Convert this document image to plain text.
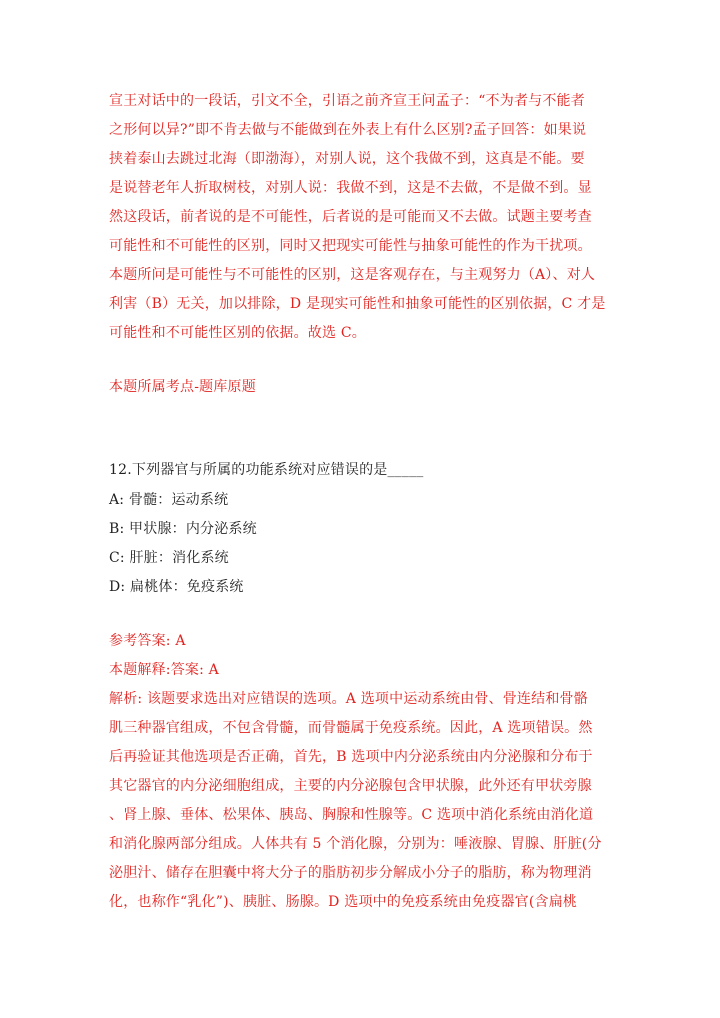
宣王对话中的一段话，引文不全，引语之前齐宣王问孟子：“不为者与不能者
之形何以异?”即不肯去做与不能做到在外表上有什么区别?孟子回答：如果说
挟着泰山去跳过北海（即渤海），对别人说，这个我做不到，这真是不能。要
是说替老年人折取树枝，对别人说：我做不到，这是不去做，不是做不到。显
然这段话，前者说的是不可能性，后者说的是可能而又不去做。试题主要考查
可能性和不可能性的区别，同时又把现实可能性与抽象可能性的作为干扰项。
本题所问是可能性与不可能性的区别，这是客观存在，与主观努力（A）、对人
利害（B）无关，加以排除，D 是现实可能性和抽象可能性的区别依据，C 才是
可能性和不可能性区别的依据。故选 C。
本题所属考点-题库原题
12.下列器官与所属的功能系统对应错误的是_____
A: 骨髓：运动系统
B: 甲状腺：内分泌系统
C: 肝脏：消化系统
D: 扁桃体：免疫系统
参考答案: A
本题解释:答案: A
解析: 该题要求选出对应错误的选项。A 选项中运动系统由骨、骨连结和骨骼
肌三种器官组成，不包含骨髓，而骨髓属于免疫系统。因此，A 选项错误。然
后再验证其他选项是否正确，首先，B 选项中内分泌系统由内分泌腺和分布于
其它器官的内分泌细胞组成，主要的内分泌腺包含甲状腺，此外还有甲状旁腺
、肾上腺、垂体、松果体、胰岛、胸腺和性腺等。C 选项中消化系统由消化道
和消化腺两部分组成。人体共有 5 个消化腺，分别为：唾液腺、胃腺、肝脏(分
泌胆汁、储存在胆囊中将大分子的脂肪初步分解成小分子的脂肪，称为物理消
化，也称作“乳化”)、胰脏、肠腺。D 选项中的免疫系统由免疫器官(含扁桃
